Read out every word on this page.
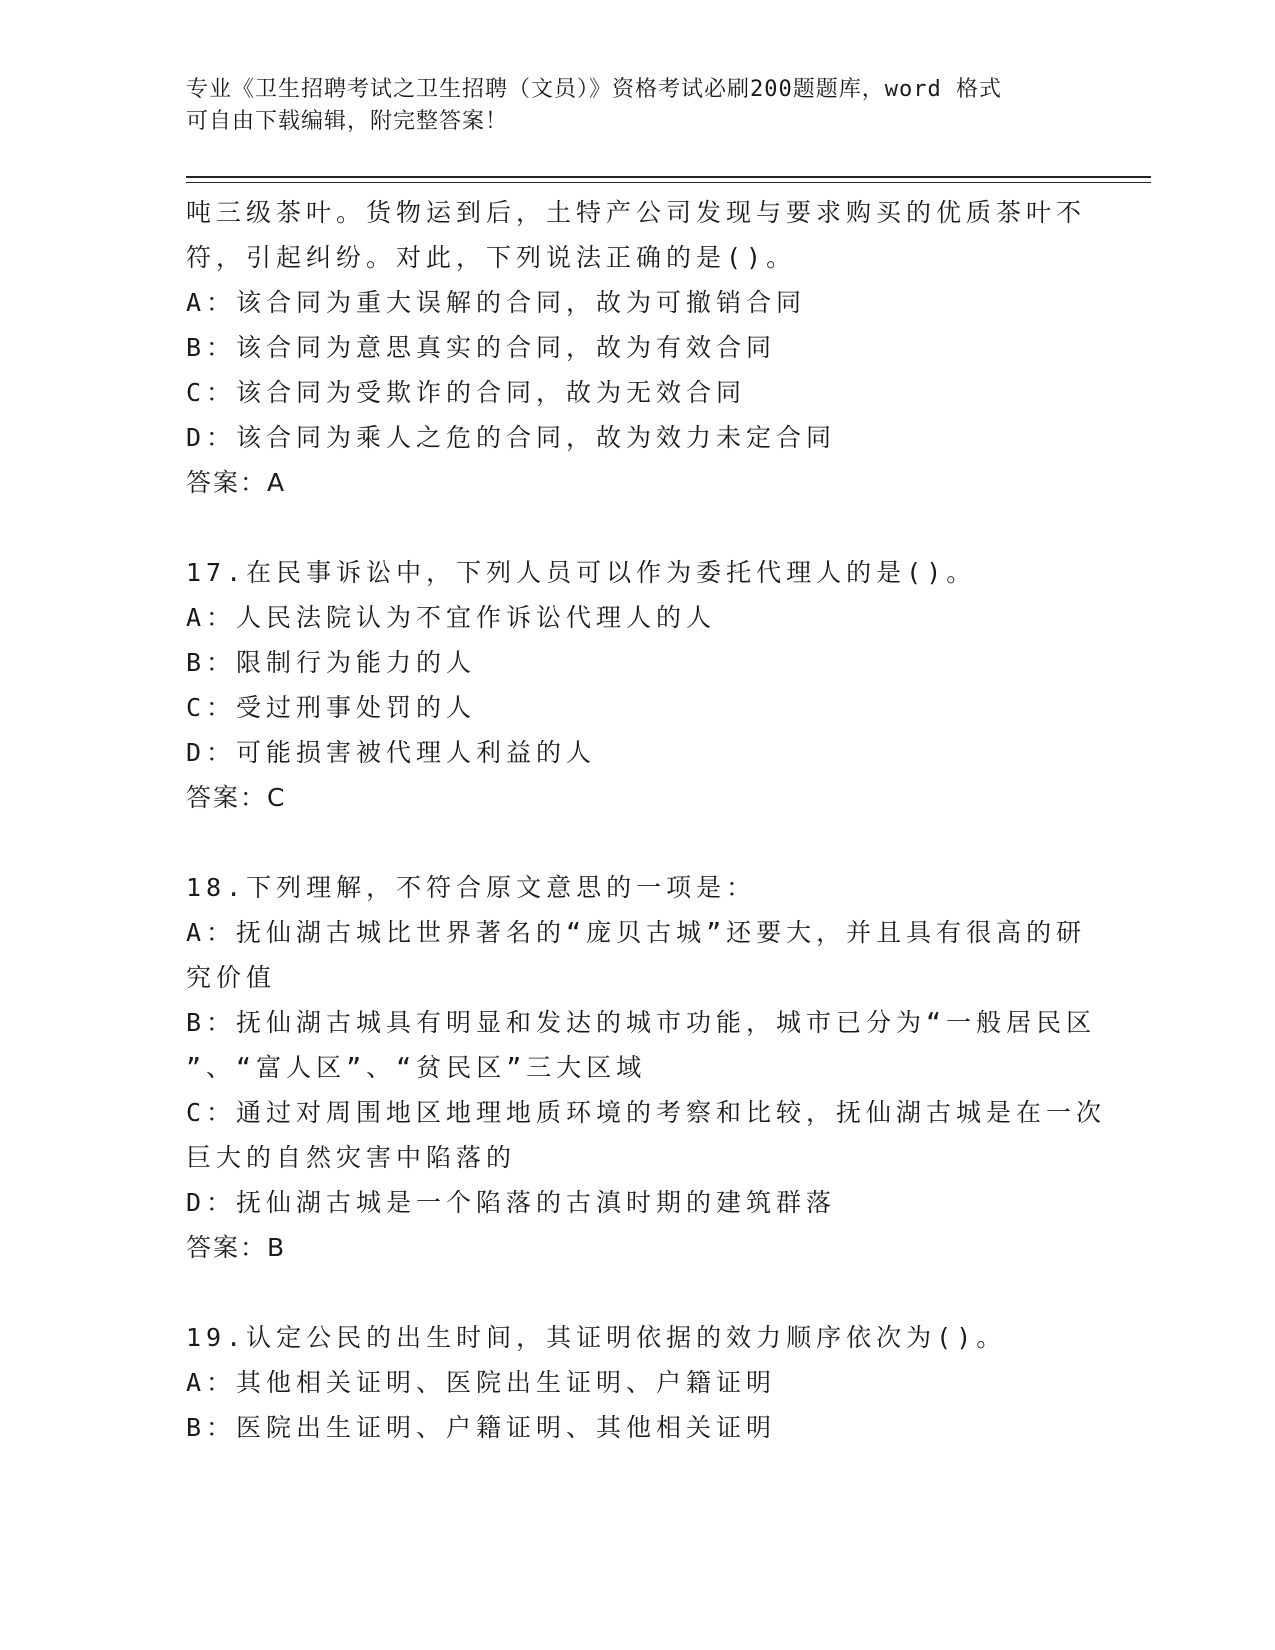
专业《卫生招聘考试之卫生招聘（文员）》资格考试必刷200题题库，word 格式
可自由下载编辑，附完整答案！
吨三级茶叶。货物运到后，土特产公司发现与要求购买的优质茶叶不
符，引起纠纷。对此，下列说法正确的是()。
A：该合同为重大误解的合同，故为可撤销合同
B：该合同为意思真实的合同，故为有效合同
C：该合同为受欺诈的合同，故为无效合同
D：该合同为乘人之危的合同，故为效力未定合同
答案：A
17.在民事诉讼中，下列人员可以作为委托代理人的是()。
A：人民法院认为不宜作诉讼代理人的人
B：限制行为能力的人
C：受过刑事处罚的人
D：可能损害被代理人利益的人
答案：C
18.下列理解，不符合原文意思的一项是：
A：抚仙湖古城比世界著名的“庞贝古城”还要大，并且具有很高的研
究价值
B：抚仙湖古城具有明显和发达的城市功能，城市已分为“一般居民区
”、“富人区”、“贫民区”三大区域
C：通过对周围地区地理地质环境的考察和比较，抚仙湖古城是在一次
巨大的自然灾害中陷落的
D：抚仙湖古城是一个陷落的古滇时期的建筑群落
答案：B
19.认定公民的出生时间，其证明依据的效力顺序依次为()。
A：其他相关证明、医院出生证明、户籍证明
B：医院出生证明、户籍证明、其他相关证明
